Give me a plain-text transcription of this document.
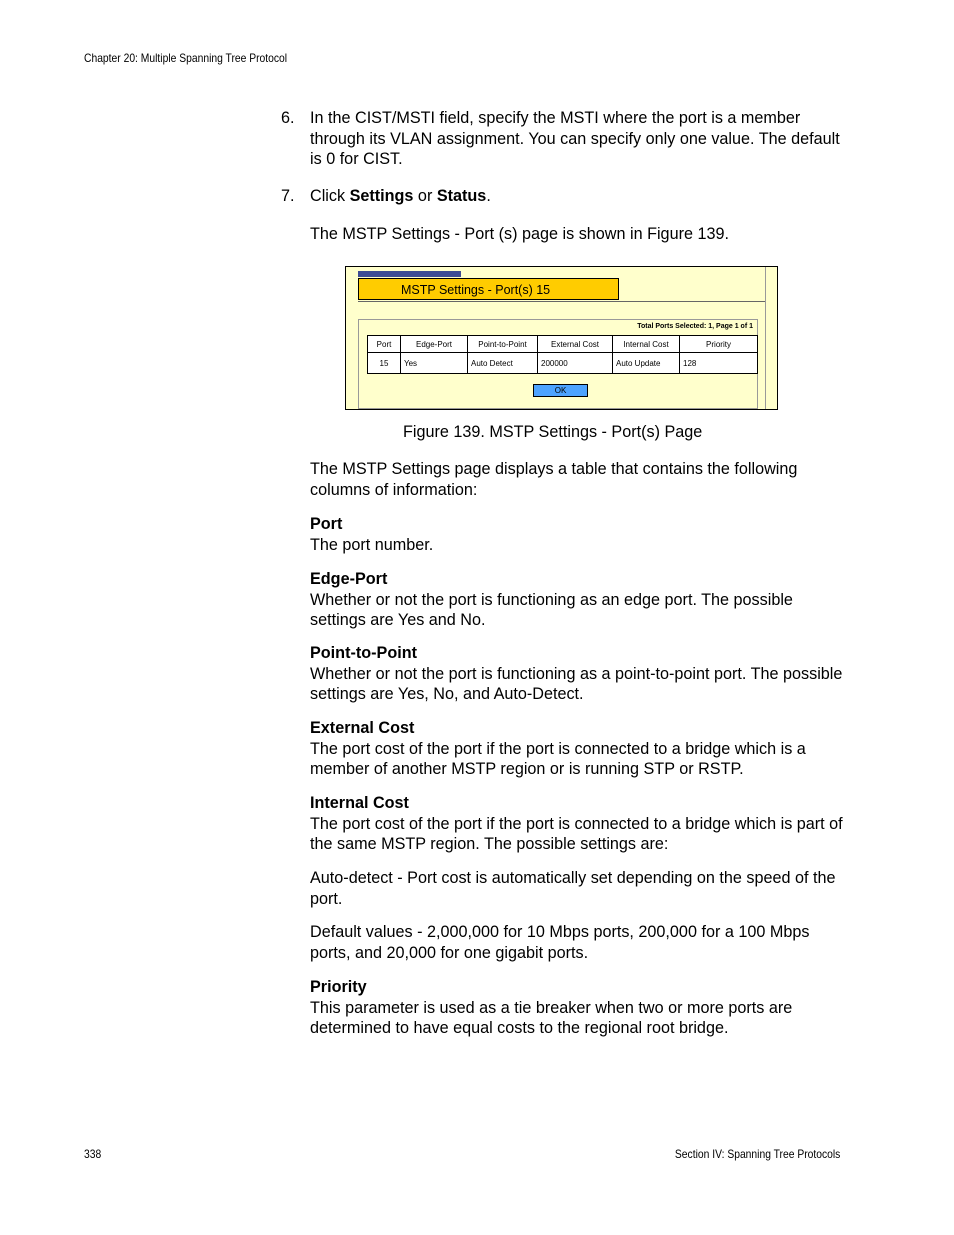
Chapter 20: Multiple Spanning Tree Protocol
6. In the CIST/MSTI field, specify the MSTI where the port is a member through its VLAN assignment. You can specify only one value. The default is 0 for CIST.
7. Click Settings or Status.
The MSTP Settings - Port (s) page is shown in Figure 139.
MSTP Settings - Port(s) 15
Total Ports Selected: 1, Page 1 of 1
Port	Edge-Port	Point-to-Point	External Cost	Internal Cost	Priority
15	Yes	Auto Detect	200000	Auto Update	128
OK
Figure 139. MSTP Settings - Port(s) Page
The MSTP Settings page displays a table that contains the following columns of information:
Port
The port number.
Edge-Port
Whether or not the port is functioning as an edge port. The possible settings are Yes and No.
Point-to-Point
Whether or not the port is functioning as a point-to-point port. The possible settings are Yes, No, and Auto-Detect.
External Cost
The port cost of the port if the port is connected to a bridge which is a member of another MSTP region or is running STP or RSTP.
Internal Cost
The port cost of the port if the port is connected to a bridge which is part of the same MSTP region. The possible settings are:
Auto-detect - Port cost is automatically set depending on the speed of the port.
Default values - 2,000,000 for 10 Mbps ports, 200,000 for a 100 Mbps ports, and 20,000 for one gigabit ports.
Priority
This parameter is used as a tie breaker when two or more ports are determined to have equal costs to the regional root bridge.
338	Section IV: Spanning Tree Protocols
